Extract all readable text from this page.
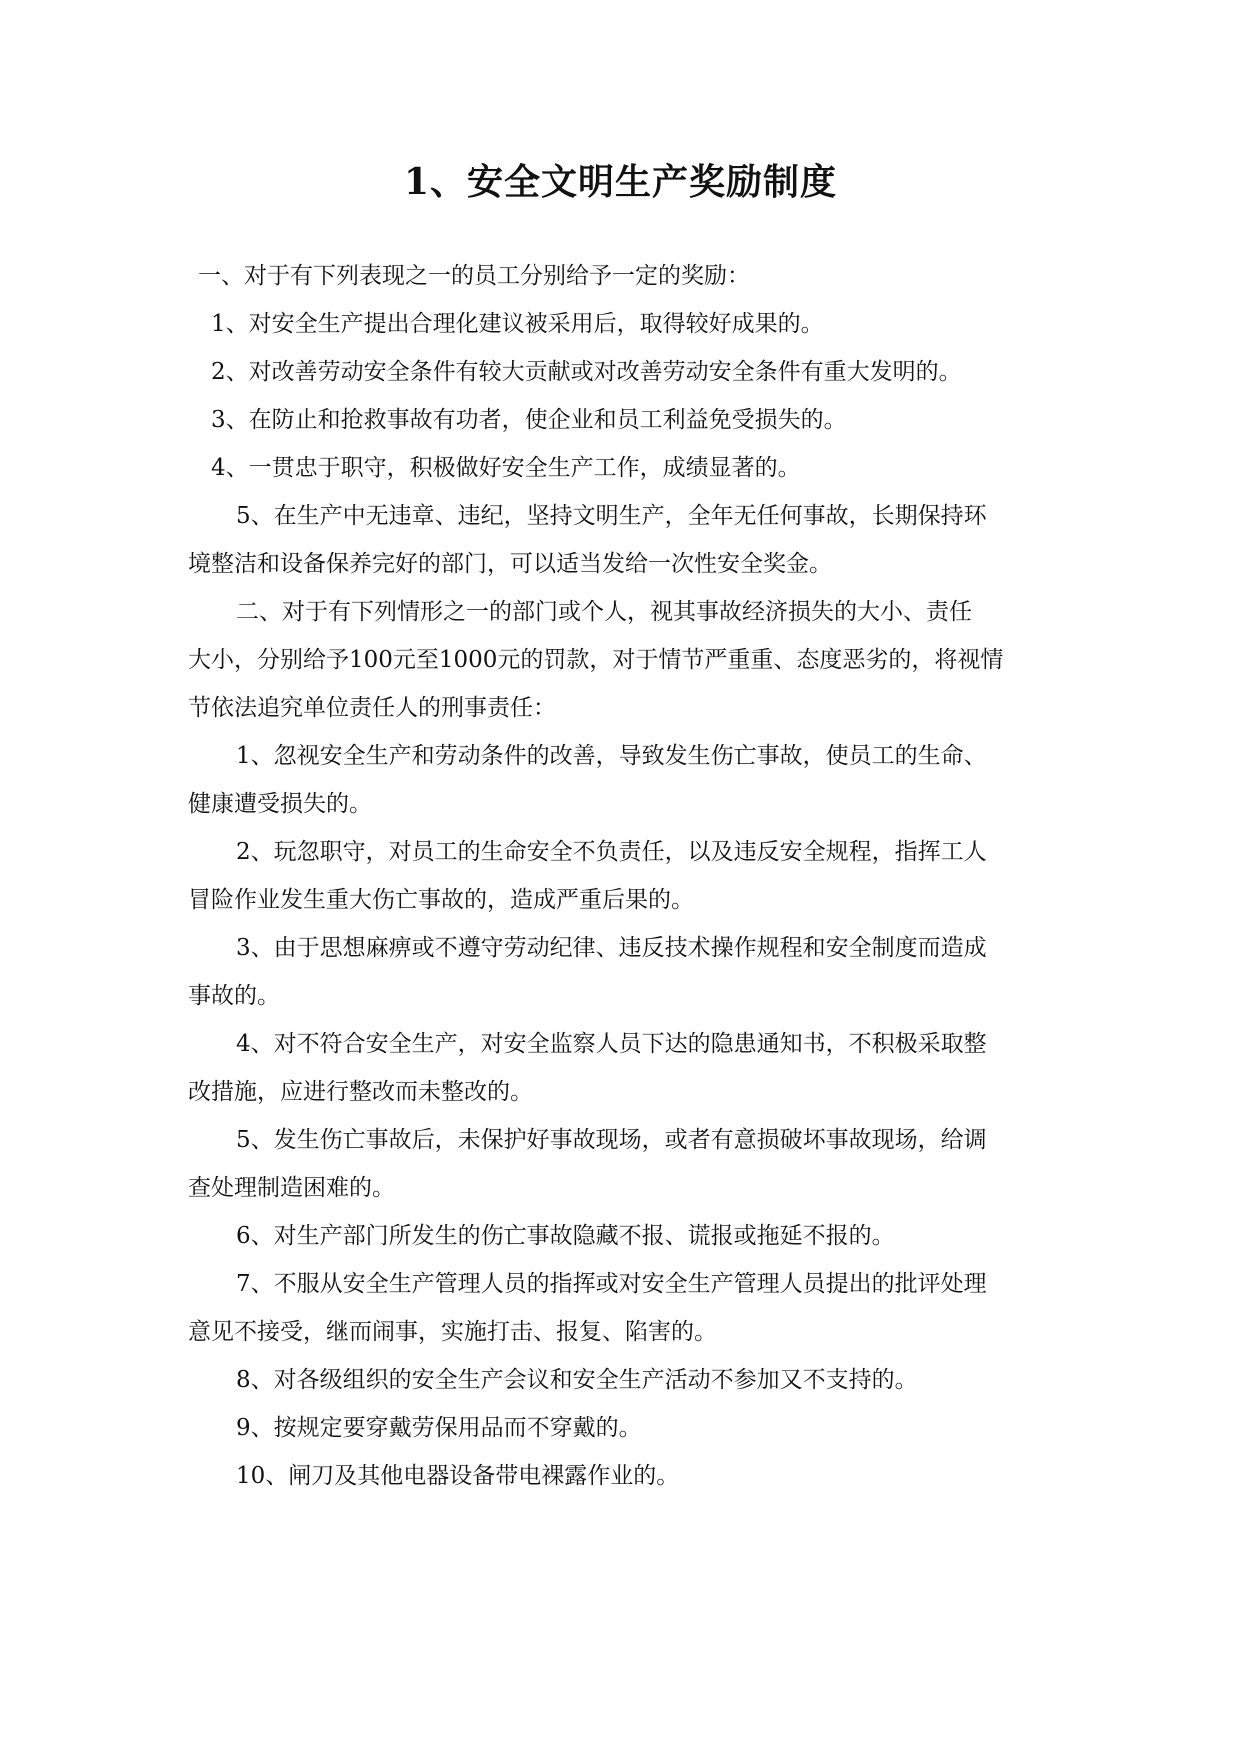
1、安全文明生产奖励制度
一、对于有下列表现之一的员工分别给予一定的奖励：
1、对安全生产提出合理化建议被采用后，取得较好成果的。
2、对改善劳动安全条件有较大贡献或对改善劳动安全条件有重大发明的。
3、在防止和抢救事故有功者，使企业和员工利益免受损失的。
4、一贯忠于职守，积极做好安全生产工作，成绩显著的。
5、在生产中无违章、违纪，坚持文明生产，全年无任何事故，长期保持环
境整洁和设备保养完好的部门，可以适当发给一次性安全奖金。
二、对于有下列情形之一的部门或个人，视其事故经济损失的大小、责任
大小，分别给予100元至1000元的罚款，对于情节严重重、态度恶劣的，将视情
节依法追究单位责任人的刑事责任：
1、忽视安全生产和劳动条件的改善，导致发生伤亡事故，使员工的生命、
健康遭受损失的。
2、玩忽职守，对员工的生命安全不负责任，以及违反安全规程，指挥工人
冒险作业发生重大伤亡事故的，造成严重后果的。
3、由于思想麻痹或不遵守劳动纪律、违反技术操作规程和安全制度而造成
事故的。
4、对不符合安全生产，对安全监察人员下达的隐患通知书，不积极采取整
改措施，应进行整改而未整改的。
5、发生伤亡事故后，未保护好事故现场，或者有意损破坏事故现场，给调
查处理制造困难的。
6、对生产部门所发生的伤亡事故隐藏不报、谎报或拖延不报的。
7、不服从安全生产管理人员的指挥或对安全生产管理人员提出的批评处理
意见不接受，继而闹事，实施打击、报复、陷害的。
8、对各级组织的安全生产会议和安全生产活动不参加又不支持的。
9、按规定要穿戴劳保用品而不穿戴的。
10、闸刀及其他电器设备带电裸露作业的。
